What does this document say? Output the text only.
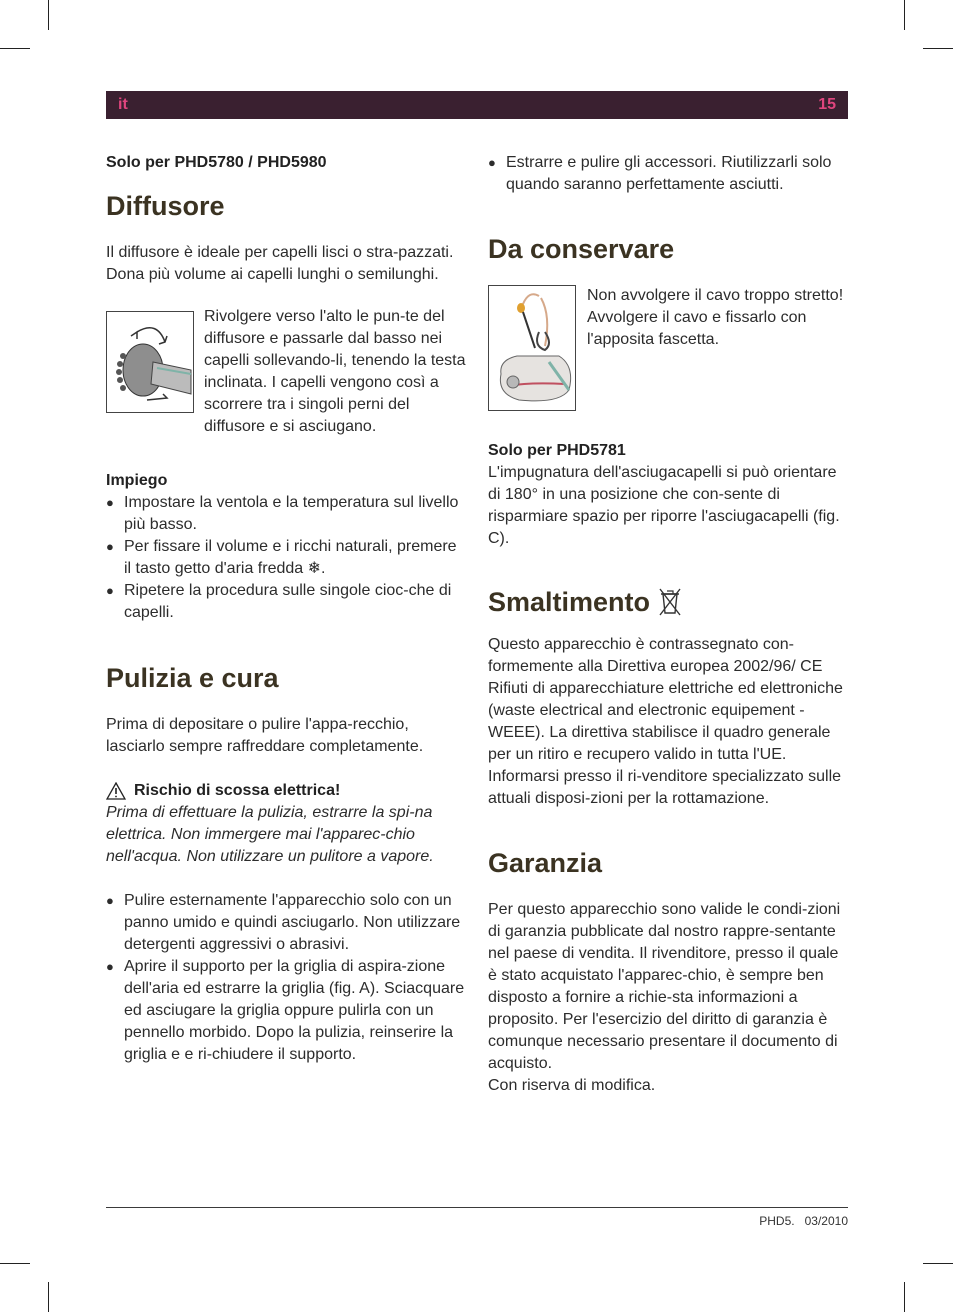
it	15

Solo per PHD5780 / PHD5980

Diffusore

Il diffusore è ideale per capelli lisci o stra-pazzati. Dona più volume ai capelli lunghi o semilunghi.

Rivolgere verso l'alto le pun-te del diffusore e passarle dal basso nei capelli sollevando-li, tenendo la testa inclinata. I capelli vengono così a scorrere tra i singoli perni del diffusore e si asciugano.

Impiego

● Impostare la ventola e la temperatura sul livello più basso.
● Per fissare il volume e i ricchi naturali, premere il tasto getto d'aria fredda ❄.
● Ripetere la procedura sulle singole cioc-che di capelli.
Pulizia e cura

Prima di depositare o pulire l'appa-recchio, lasciarlo sempre raffreddare completamente.

Rischio di scossa elettrica!

Prima di effettuare la pulizia, estrarre la spi-na elettrica. Non immergere mai l'apparec-chio nell'acqua. Non utilizzare un pulitore a vapore.

● Pulire esternamente l'apparecchio solo con un panno umido e quindi asciugarlo. Non utilizzare detergenti aggressivi o abrasivi.
● Aprire il supporto per la griglia di aspira-zione dell'aria ed estrarre la griglia (fig. A). Sciacquare ed asciugare la griglia oppure pulirla con un pennello morbido. Dopo la pulizia, reinserire la griglia e e ri-chiudere il supporto.
● Estrarre e pulire gli accessori. Riutilizzarli solo quando saranno perfettamente asciutti.
Da conservare

Non avvolgere il cavo troppo stretto!

Avvolgere il cavo e fissarlo con l'apposita fascetta.

Solo per PHD5781

L'impugnatura dell'asciugacapelli si può orientare di 180° in una posizione che con-sente di risparmiare spazio per riporre l'asciugacapelli (fig. C).

Smaltimento

Questo apparecchio è contrassegnato con-formemente alla Direttiva europea 2002/96/ CE Rifiuti di apparecchiature elettriche ed elettroniche (waste electrical and electronic equipement -WEEE). La direttiva stabilisce il quadro generale per un ritiro e recupero valido in tutta l'UE. Informarsi presso il ri-venditore specializzato sulle attuali disposi-zioni per la rottamazione.

Garanzia

Per questo apparecchio sono valide le condi-zioni di garanzia pubblicate dal nostro rappre-sentante nel paese di vendita. Il rivenditore, presso il quale è stato acquistato l'apparec-chio, è sempre ben disposto a fornire a richie-sta informazioni a proposito. Per l'esercizio del diritto di garanzia è comunque necessario presentare il documento di acquisto.

Con riserva di modifica.

PHD5. 03/2010
